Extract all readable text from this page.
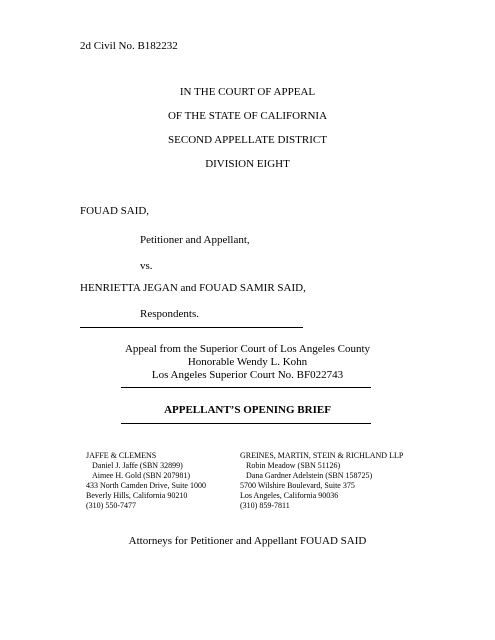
2d Civil No. B182232
IN THE COURT OF APPEAL
OF THE STATE OF CALIFORNIA
SECOND APPELLATE DISTRICT
DIVISION EIGHT
FOUAD SAID,
Petitioner and Appellant,
vs.
HENRIETTA JEGAN and FOUAD SAMIR SAID,
Respondents.
Appeal from the Superior Court of Los Angeles County
Honorable Wendy L. Kohn
Los Angeles Superior Court No. BF022743
APPELLANT’S OPENING BRIEF
JAFFE & CLEMENS
Daniel J. Jaffe (SBN 32899)
Aimee H. Gold (SBN 207981)
433 North Camden Drive, Suite 1000
Beverly Hills, California 90210
(310) 550-7477
GREINES, MARTIN, STEIN & RICHLAND LLP
Robin Meadow (SBN 51126)
Dana Gardner Adelstein (SBN 158725)
5700 Wilshire Boulevard, Suite 375
Los Angeles, California 90036
(310) 859-7811
Attorneys for Petitioner and Appellant FOUAD SAID
